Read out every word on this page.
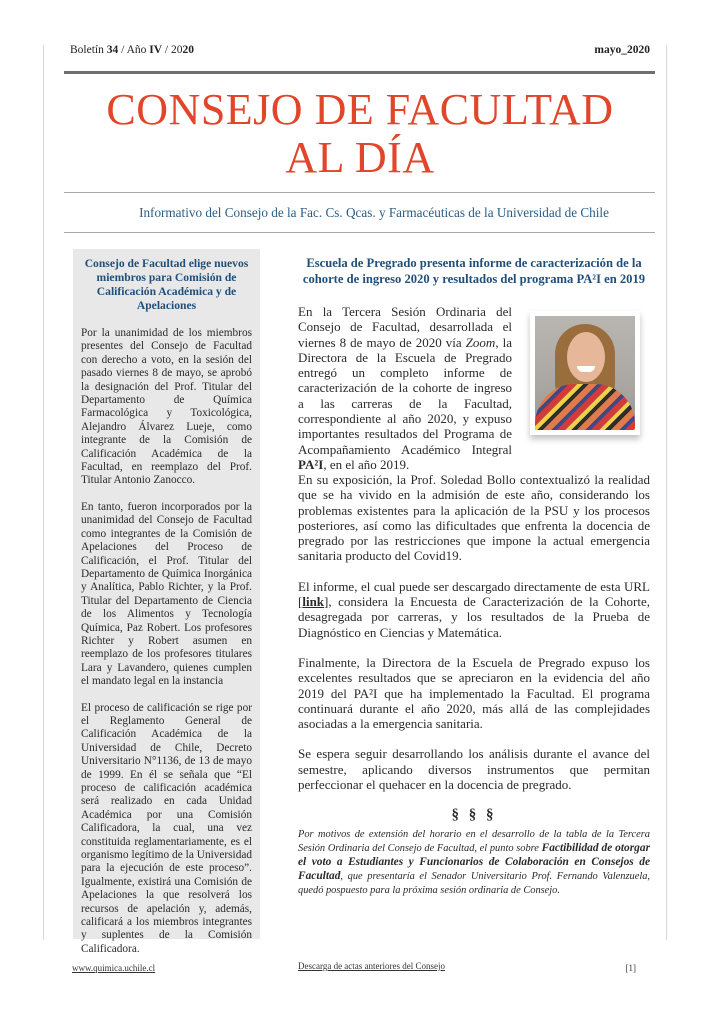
Boletín 34 / Año IV / 2020	mayo_2020
CONSEJO DE FACULTAD
AL DÍA
Informativo del Consejo de la Fac. Cs. Qcas. y Farmacéuticas de la Universidad de Chile
Consejo de Facultad elige nuevos miembros para Comisión de Calificación Académica y de Apelaciones

Por la unanimidad de los miembros presentes del Consejo de Facultad con derecho a voto, en la sesión del pasado viernes 8 de mayo, se aprobó la designación del Prof. Titular del Departamento de Química Farmacológica y Toxicológica, Alejandro Álvarez Lueje, como integrante de la Comisión de Calificación Académica de la Facultad, en reemplazo del Prof. Titular Antonio Zanocco.

En tanto, fueron incorporados por la unanimidad del Consejo de Facultad como integrantes de la Comisión de Apelaciones del Proceso de Calificación, el Prof. Titular del Departamento de Química Inorgánica y Analítica, Pablo Richter, y la Prof. Titular del Departamento de Ciencia de los Alimentos y Tecnología Química, Paz Robert. Los profesores Richter y Robert asumen en reemplazo de los profesores titulares Lara y Lavandero, quienes cumplen el mandato legal en la instancia

El proceso de calificación se rige por el Reglamento General de Calificación Académica de la Universidad de Chile, Decreto Universitario N°1136, de 13 de mayo de 1999. En él se señala que “El proceso de calificación académica será realizado en cada Unidad Académica por una Comisión Calificadora, la cual, una vez constituida reglamentariamente, es el organismo legítimo de la Universidad para la ejecución de este proceso”. Igualmente, existirá una Comisión de Apelaciones la que resolverá los recursos de apelación y, además, calificará a los miembros integrantes y suplentes de la Comisión Calificadora.

Escuela de Pregrado presenta informe de caracterización de la cohorte de ingreso 2020 y resultados del programa PA²I en 2019
En la Tercera Sesión Ordinaria del Consejo de Facultad, desarrollada el viernes 8 de mayo de 2020 vía Zoom, la Directora de la Escuela de Pregrado entregó un completo informe de caracterización de la cohorte de ingreso a las carreras de la Facultad, correspondiente al año 2020, y expuso importantes resultados del Programa de Acompañamiento Académico Integral PA²I, en el año 2019.

En su exposición, la Prof. Soledad Bollo contextualizó la realidad que se ha vivido en la admisión de este año, considerando los problemas existentes para la aplicación de la PSU y los procesos posteriores, así como las dificultades que enfrenta la docencia de pregrado por las restricciones que impone la actual emergencia sanitaria producto del Covid19.

El informe, el cual puede ser descargado directamente de esta URL [link], considera la Encuesta de Caracterización de la Cohorte, desagregada por carreras, y los resultados de la Prueba de Diagnóstico en Ciencias y Matemática.

Finalmente, la Directora de la Escuela de Pregrado expuso los excelentes resultados que se apreciaron en la evidencia del año 2019 del PA²I que ha implementado la Facultad. El programa continuará durante el año 2020, más allá de las complejidades asociadas a la emergencia sanitaria.

Se espera seguir desarrollando los análisis durante el avance del semestre, aplicando diversos instrumentos que permitan perfeccionar el quehacer en la docencia de pregrado.

§ § §

Por motivos de extensión del horario en el desarrollo de la tabla de la Tercera Sesión Ordinaria del Consejo de Facultad, el punto sobre Factibilidad de otorgar el voto a Estudiantes y Funcionarios de Colaboración en Consejos de Facultad, que presentaría el Senador Universitario Prof. Fernando Valenzuela, quedó pospuesto para la próxima sesión ordinaria de Consejo.

www.quimica.uchile.cl	Descarga de actas anteriores del Consejo	[1]
